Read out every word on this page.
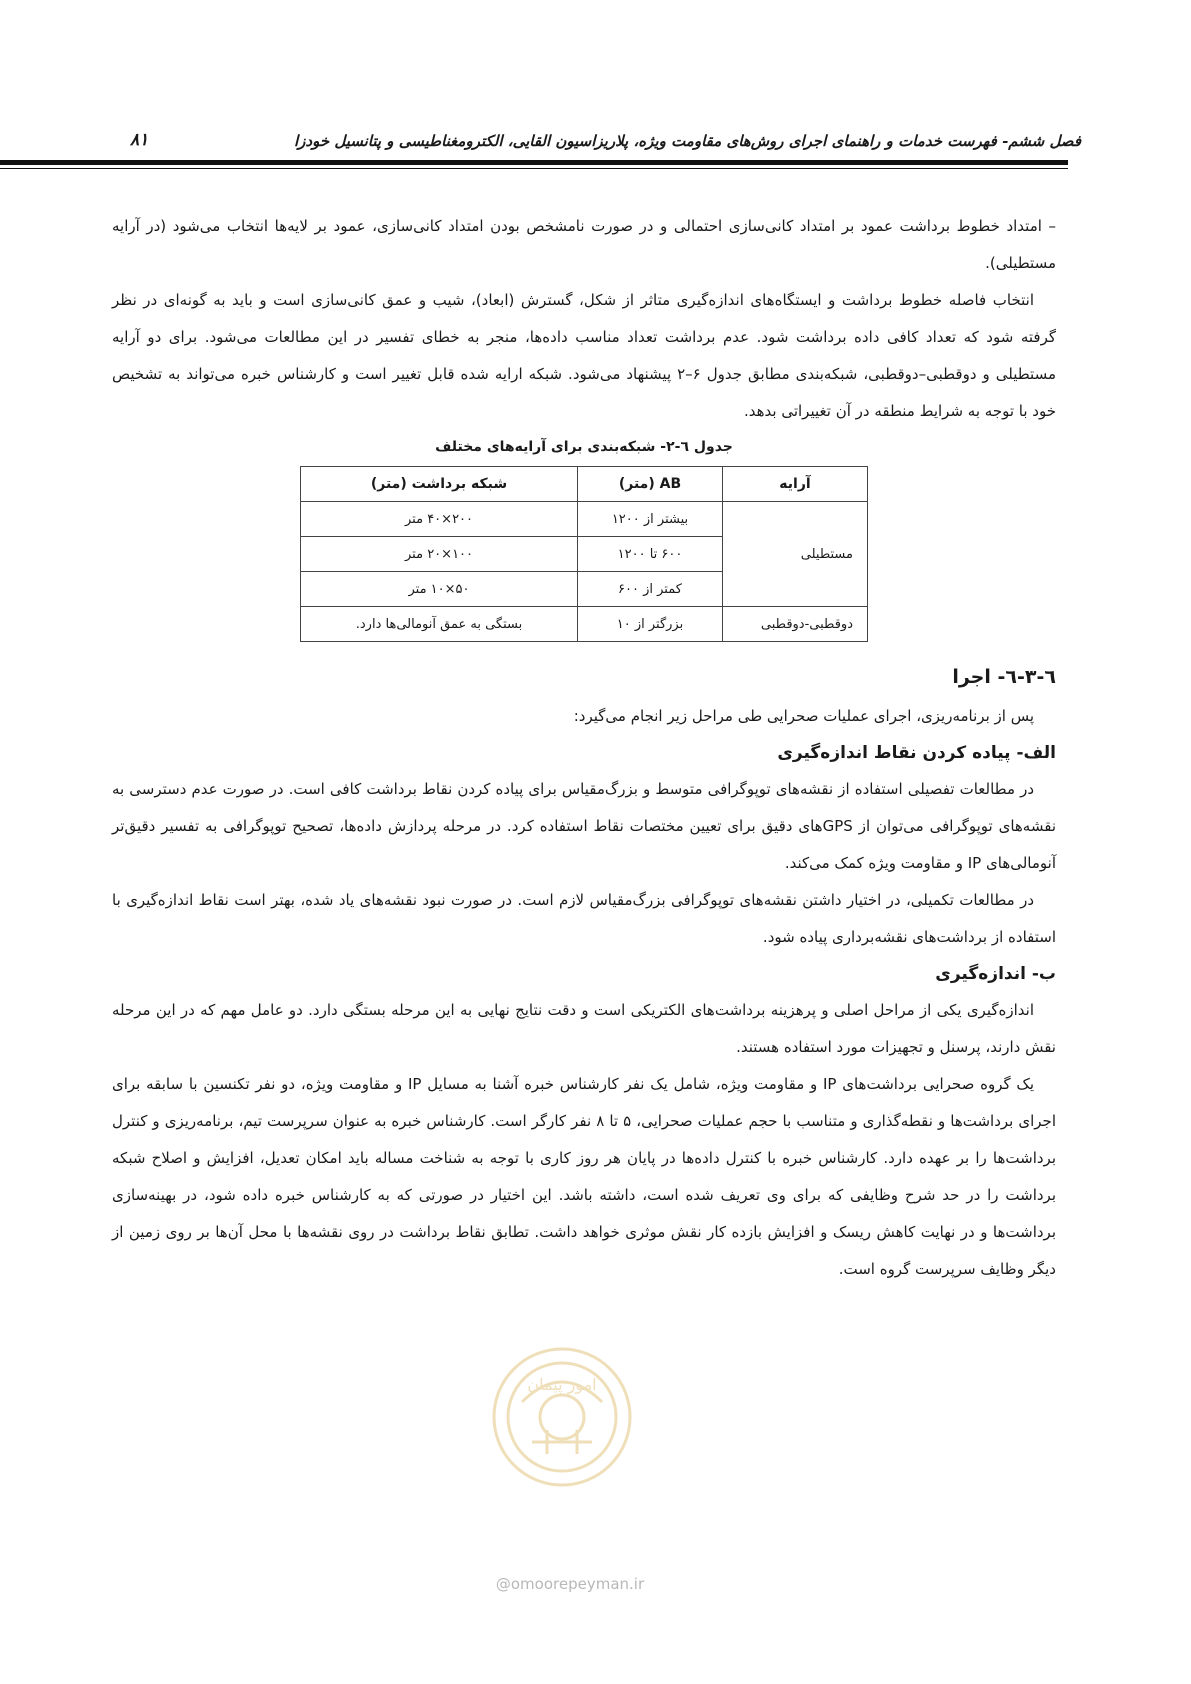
فصل ششم- فهرست خدمات و راهنمای اجرای روش‌های مقاومت ویژه، پلاریزاسیون القایی، الکترومغناطیسی و پتانسیل خودزا
۸۱

– امتداد خطوط برداشت عمود بر امتداد کانی‌سازی احتمالی و در صورت نامشخص بودن امتداد کانی‌سازی، عمود بر لایه‌ها انتخاب می‌شود (در آرایه مستطیلی).

انتخاب فاصله خطوط برداشت و ایستگاه‌های اندازه‌گیری متاثر از شکل، گسترش (ابعاد)، شیب و عمق کانی‌سازی است و باید به گونه‌ای در نظر گرفته شود که تعداد کافی داده برداشت شود. عدم برداشت تعداد مناسب داده‌ها، منجر به خطای تفسیر در این مطالعات می‌شود. برای دو آرایه مستطیلی و دوقطبی–دوقطبی، شبکه‌بندی مطابق جدول ۶–۲ پیشنهاد می‌شود. شبکه ارایه شده قابل تغییر است و کارشناس خبره می‌تواند به تشخیص خود با توجه به شرایط منطقه در آن تغییراتی بدهد.

جدول ٦-٢- شبکه‌بندی برای آرایه‌های مختلف
آرایه	AB (متر)	شبکه برداشت (متر)
مستطیلی	بیشتر از ۱۲۰۰	۲۰۰×۴۰ متر
	۶۰۰ تا ۱۲۰۰	۱۰۰×۲۰ متر
	کمتر از ۶۰۰	۵۰×۱۰ متر
دوقطبی-دوقطبی	بزرگتر از ۱۰	بستگی به عمق آنومالی‌ها دارد.
٦-٣-٦- اجرا

پس از برنامه‌ریزی، اجرای عملیات صحرایی طی مراحل زیر انجام می‌گیرد:

الف- پیاده کردن نقاط اندازه‌گیری

در مطالعات تفصیلی استفاده از نقشه‌های توپوگرافی متوسط و بزرگ‌مقیاس برای پیاده کردن نقاط برداشت کافی است. در صورت عدم دسترسی به نقشه‌های توپوگرافی می‌توان از GPSهای دقیق برای تعیین مختصات نقاط استفاده کرد. در مرحله پردازش داده‌ها، تصحیح توپوگرافی به تفسیر دقیق‌تر آنومالی‌های IP و مقاومت ویژه کمک می‌کند.

در مطالعات تکمیلی، در اختیار داشتن نقشه‌های توپوگرافی بزرگ‌مقیاس لازم است. در صورت نبود نقشه‌های یاد شده، بهتر است نقاط اندازه‌گیری با استفاده از برداشت‌های نقشه‌برداری پیاده شود.

ب- اندازه‌گیری

اندازه‌گیری یکی از مراحل اصلی و پرهزینه برداشت‌های الکتریکی است و دقت نتایج نهایی به این مرحله بستگی دارد. دو عامل مهم که در این مرحله نقش دارند، پرسنل و تجهیزات مورد استفاده هستند.

یک گروه صحرایی برداشت‌های IP و مقاومت ویژه، شامل یک نفر کارشناس خبره آشنا به مسایل IP و مقاومت ویژه، دو نفر تکنسین با سابقه برای اجرای برداشت‌ها و نقطه‌گذاری و متناسب با حجم عملیات صحرایی، ۵ تا ۸ نفر کارگر است. کارشناس خبره به عنوان سرپرست تیم، برنامه‌ریزی و کنترل برداشت‌ها را بر عهده دارد. کارشناس خبره با کنترل داده‌ها در پایان هر روز کاری با توجه به شناخت مساله باید امکان تعدیل، افزایش و اصلاح شبکه برداشت را در حد شرح وظایفی که برای وی تعریف شده است، داشته باشد. این اختیار در صورتی که به کارشناس خبره داده شود، در بهینه‌سازی برداشت‌ها و در نهایت کاهش ریسک و افزایش بازده کار نقش موثری خواهد داشت. تطابق نقاط برداشت در روی نقشه‌ها با محل آن‌ها بر روی زمین از دیگر وظایف سرپرست گروه است.

امور پیمان
@omoorepeyman.ir
